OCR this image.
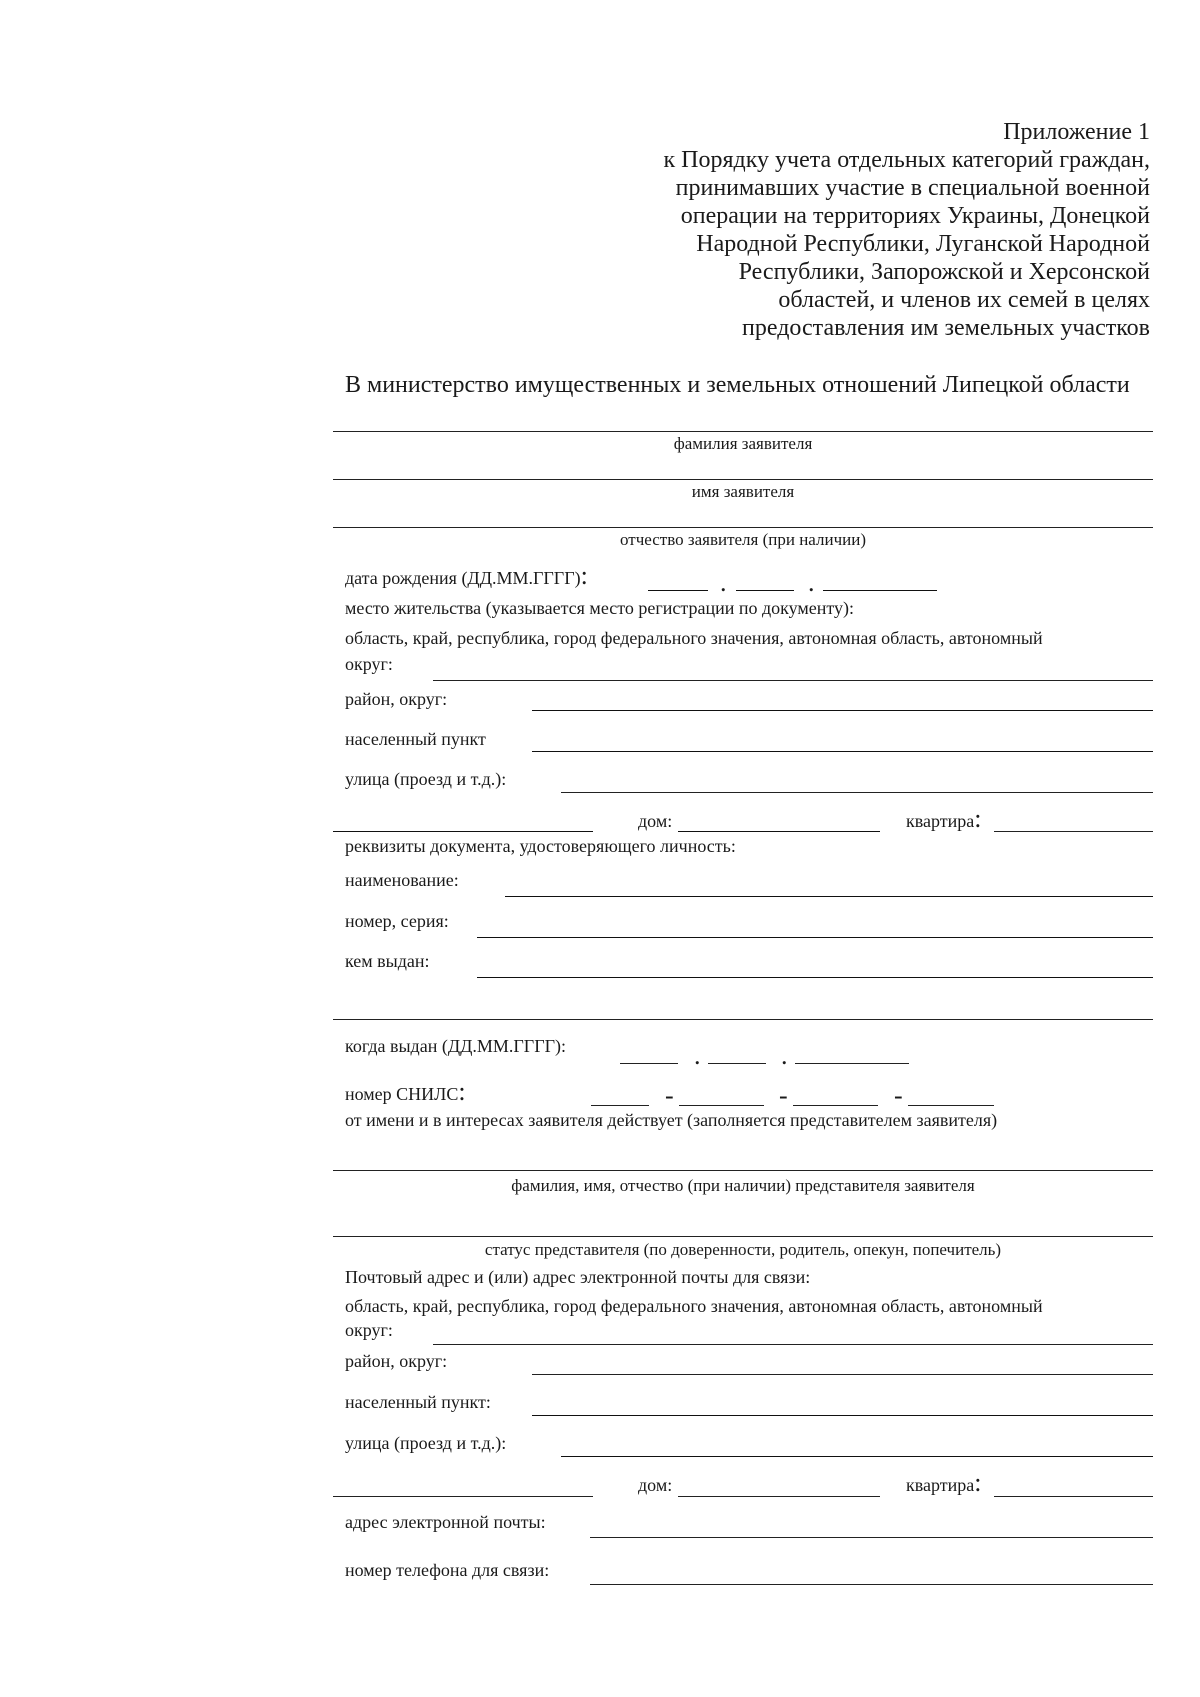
Приложение 1
к Порядку учета отдельных категорий граждан,
принимавших участие в специальной военной
операции на территориях Украины, Донецкой
Народной Республики, Луганской Народной
Республики, Запорожской и Херсонской
областей, и членов их семей в целях
предоставления им земельных участков
В министерство имущественных и земельных отношений Липецкой области
фамилия заявителя
имя заявителя
отчество заявителя (при наличии)
дата рождения (ДД.ММ.ГГГГ):	.	.
место жительства (указывается место регистрации по документу):
область, край, республика, город федерального значения, автономная область, автономный
округ:
район, округ:
населенный пункт
улица (проезд и т.д.):
дом:	квартира:
реквизиты документа, удостоверяющего личность:
наименование:
номер, серия:
кем выдан:
когда выдан (ДД.ММ.ГГГГ):	.	.
номер СНИЛС:	-	-	-
от имени и в интересах заявителя действует (заполняется представителем заявителя)
фамилия, имя, отчество (при наличии) представителя заявителя
статус представителя (по доверенности, родитель, опекун, попечитель)
Почтовый адрес и (или) адрес электронной почты для связи:
область, край, республика, город федерального значения, автономная область, автономный
округ:
район, округ:
населенный пункт:
улица (проезд и т.д.):
дом:	квартира:
адрес электронной почты:
номер телефона для связи:
